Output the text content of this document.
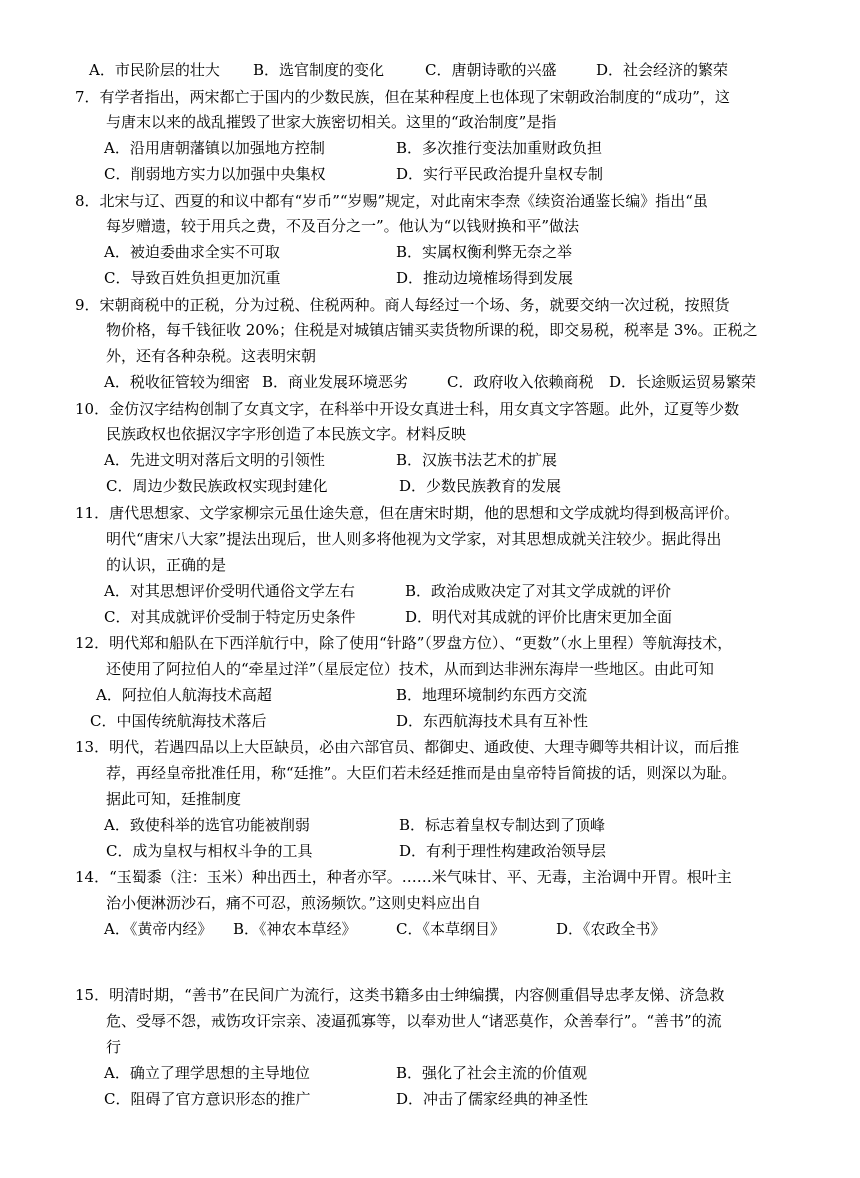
A．市民阶层的壮大 B．选官制度的变化	C．唐朝诗歌的兴盛	D．社会经济的繁荣
7．有学者指出，两宋都亡于国内的少数民族，但在某种程度上也体现了宋朝政治制度的“成功”，这
与唐末以来的战乱摧毁了世家大族密切相关。这里的“政治制度”是指
A．沿用唐朝藩镇以加强地方控制	B．多次推行变法加重财政负担
C．削弱地方实力以加强中央集权	D．实行平民政治提升皇权专制
8．北宋与辽、西夏的和议中都有“岁币”“岁赐”规定，对此南宋李焘《续资治通鉴长编》指出“虽
每岁赠遗，较于用兵之费，不及百分之一”。他认为“以钱财换和平”做法
A．被迫委曲求全实不可取	B．实属权衡利弊无奈之举
C．导致百姓负担更加沉重	D．推动边境榷场得到发展
9．宋朝商税中的正税，分为过税、住税两种。商人每经过一个场、务，就要交纳一次过税，按照货
物价格，每千钱征收 20%；住税是对城镇店铺买卖货物所课的税，即交易税，税率是 3%。正税之
外，还有各种杂税。这表明宋朝
A．税收征管较为细密 B．商业发展环境恶劣	C．政府收入依赖商税 D．长途贩运贸易繁荣
10．金仿汉字结构创制了女真文字，在科举中开设女真进士科，用女真文字答题。此外，辽夏等少数
民族政权也依据汉字字形创造了本民族文字。材料反映
A．先进文明对落后文明的引领性	B．汉族书法艺术的扩展
C．周边少数民族政权实现封建化	D．少数民族教育的发展
11．唐代思想家、文学家柳宗元虽仕途失意，但在唐宋时期，他的思想和文学成就均得到极高评价。
明代“唐宋八大家”提法出现后，世人则多将他视为文学家，对其思想成就关注较少。据此得出
的认识，正确的是
A．对其思想评价受明代通俗文学左右	B．政治成败决定了对其文学成就的评价
C．对其成就评价受制于特定历史条件	D．明代对其成就的评价比唐宋更加全面
12．明代郑和船队在下西洋航行中，除了使用“针路”（罗盘方位）、“更数”（水上里程）等航海技术，
还使用了阿拉伯人的“牵星过洋”（星辰定位）技术，从而到达非洲东海岸一些地区。由此可知
A．阿拉伯人航海技术高超	B．地理环境制约东西方交流
C．中国传统航海技术落后	D．东西航海技术具有互补性
13．明代，若遇四品以上大臣缺员，必由六部官员、都御史、通政使、大理寺卿等共相计议，而后推
荐，再经皇帝批准任用，称“廷推”。大臣们若未经廷推而是由皇帝特旨简拔的话，则深以为耻。
据此可知，廷推制度
A．致使科举的选官功能被削弱	B．标志着皇权专制达到了顶峰
C．成为皇权与相权斗争的工具	D．有利于理性构建政治领导层
14．“玉蜀黍（注：玉米）种出西土，种者亦罕。……米气味甘、平、无毒，主治调中开胃。根叶主
治小便淋沥沙石，痛不可忍，煎汤频饮。”这则史料应出自
A．《黄帝内经》 B．《神农本草经》	C．《本草纲目》	D．《农政全书》
15．明清时期，“善书”在民间广为流行，这类书籍多由士绅编撰，内容侧重倡导忠孝友悌、济急救
危、受辱不怨，戒饬攻讦宗亲、凌逼孤寡等，以奉劝世人“诸恶莫作，众善奉行”。“善书”的流
行
A．确立了理学思想的主导地位	B．强化了社会主流的价值观
C．阻碍了官方意识形态的推广	D．冲击了儒家经典的神圣性
